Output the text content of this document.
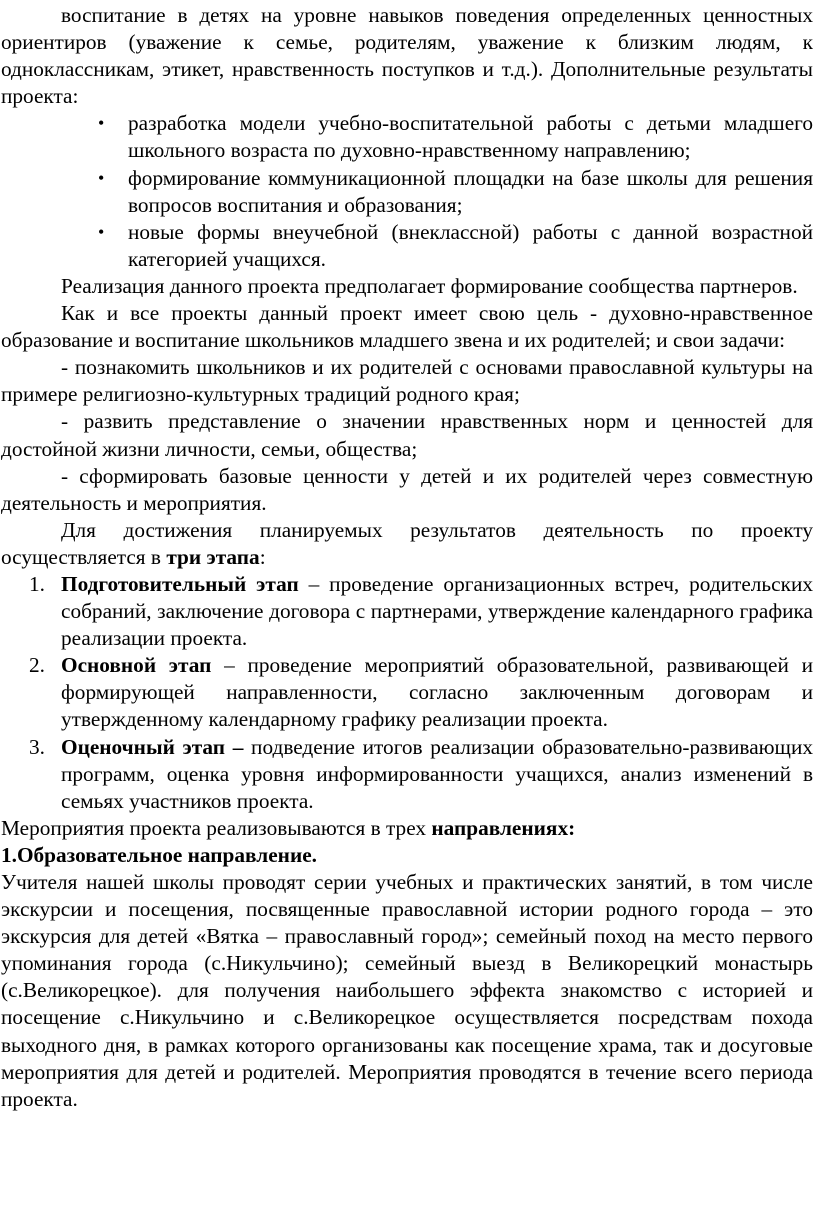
воспитание в детях на уровне навыков поведения определенных ценностных ориентиров (уважение к семье, родителям, уважение к близким людям, к одноклассникам, этикет, нравственность поступков и т.д.). Дополнительные результаты проекта:

• разработка модели учебно-воспитательной работы с детьми младшего школьного возраста по духовно-нравственному направлению;
• формирование коммуникационной площадки на базе школы для решения вопросов воспитания и образования;
• новые формы внеучебной (внеклассной) работы с данной возрастной категорией учащихся.

Реализация данного проекта предполагает формирование сообщества партнеров.

Как и все проекты данный проект имеет свою цель - духовно-нравственное образование и воспитание школьников младшего звена и их родителей; и свои задачи:

- познакомить школьников и их родителей с основами православной культуры на примере религиозно-культурных традиций родного края;

- развить представление о значении нравственных норм и ценностей для достойной жизни личности, семьи, общества;

- сформировать базовые ценности у детей и их родителей через совместную деятельность и мероприятия.

Для достижения планируемых результатов деятельность по проекту осуществляется в три этапа:

1. Подготовительный этап – проведение организационных встреч, родительских собраний, заключение договора с партнерами, утверждение календарного графика реализации проекта.
2. Основной этап – проведение мероприятий образовательной, развивающей и формирующей направленности, согласно заключенным договорам и утвержденному календарному графику реализации проекта.
3. Оценочный этап – подведение итогов реализации образовательно-развивающих программ, оценка уровня информированности учащихся, анализ изменений в семьях участников проекта.

Мероприятия проекта реализовываются в трех направлениях:

1.Образовательное направление.

Учителя нашей школы проводят серии учебных и практических занятий, в том числе экскурсии и посещения, посвященные православной истории родного города – это экскурсия для детей «Вятка – православный город»; семейный поход на место первого упоминания города (с.Никульчино); семейный выезд в Великорецкий монастырь (с.Великорецкое). для получения наибольшего эффекта знакомство с историей и посещение с.Никульчино и с.Великорецкое осуществляется посредствам похода выходного дня, в рамках которого организованы как посещение храма, так и досуговые мероприятия для детей и родителей. Мероприятия проводятся в течение всего периода проекта.
